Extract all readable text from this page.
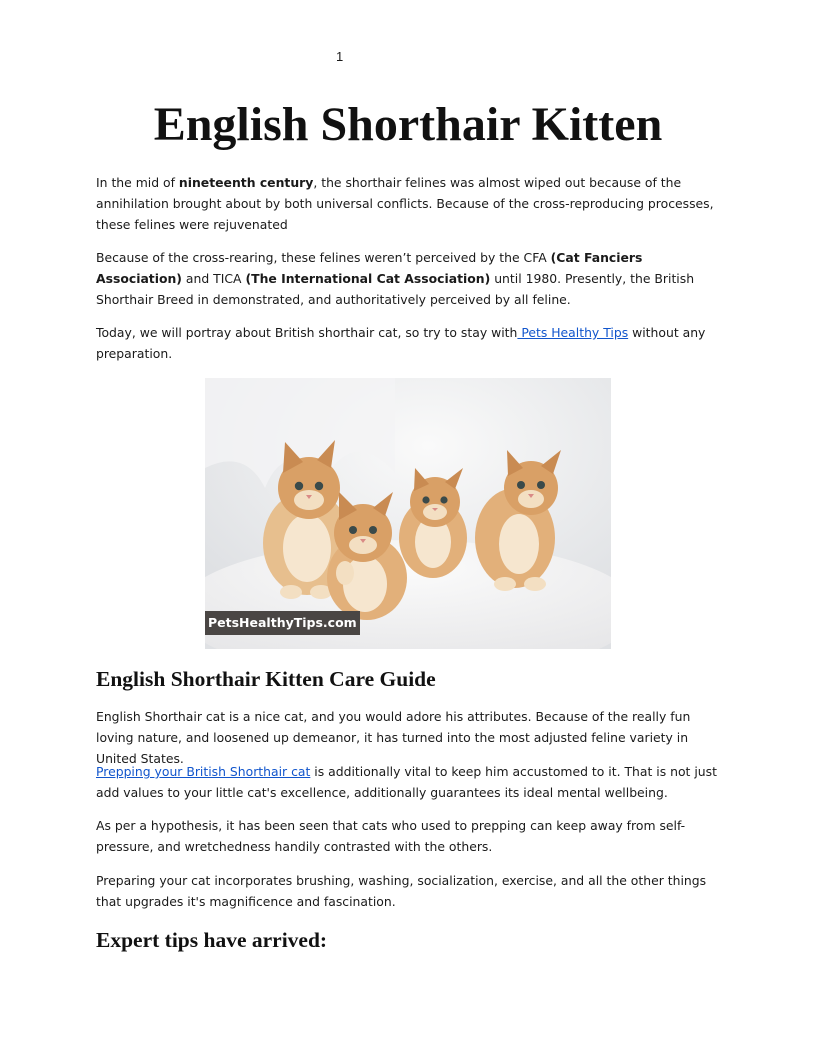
1
English Shorthair Kitten

In the mid of nineteenth century, the shorthair felines was almost wiped out because of the annihilation brought about by both universal conflicts. Because of the cross-reproducing processes, these felines were rejuvenated

Because of the cross-rearing, these felines weren’t perceived by the CFA (Cat Fanciers Association) and TICA (The International Cat Association) until 1980. Presently, the British Shorthair Breed in demonstrated, and authoritatively perceived by all feline.

Today, we will portray about British shorthair cat, so try to stay with Pets Healthy Tips without any preparation.

PetsHealthyTips.com
English Shorthair Kitten Care Guide

English Shorthair cat is a nice cat, and you would adore his attributes. Because of the really fun loving nature, and loosened up demeanor, it has turned into the most adjusted feline variety in United States.

Prepping your British Shorthair cat is additionally vital to keep him accustomed to it. That is not just add values to your little cat's excellence, additionally guarantees its ideal mental wellbeing.

As per a hypothesis, it has been seen that cats who used to prepping can keep away from self-pressure, and wretchedness handily contrasted with the others.

Preparing your cat incorporates brushing, washing, socialization, exercise, and all the other things that upgrades it's magnificence and fascination.

Expert tips have arrived:
